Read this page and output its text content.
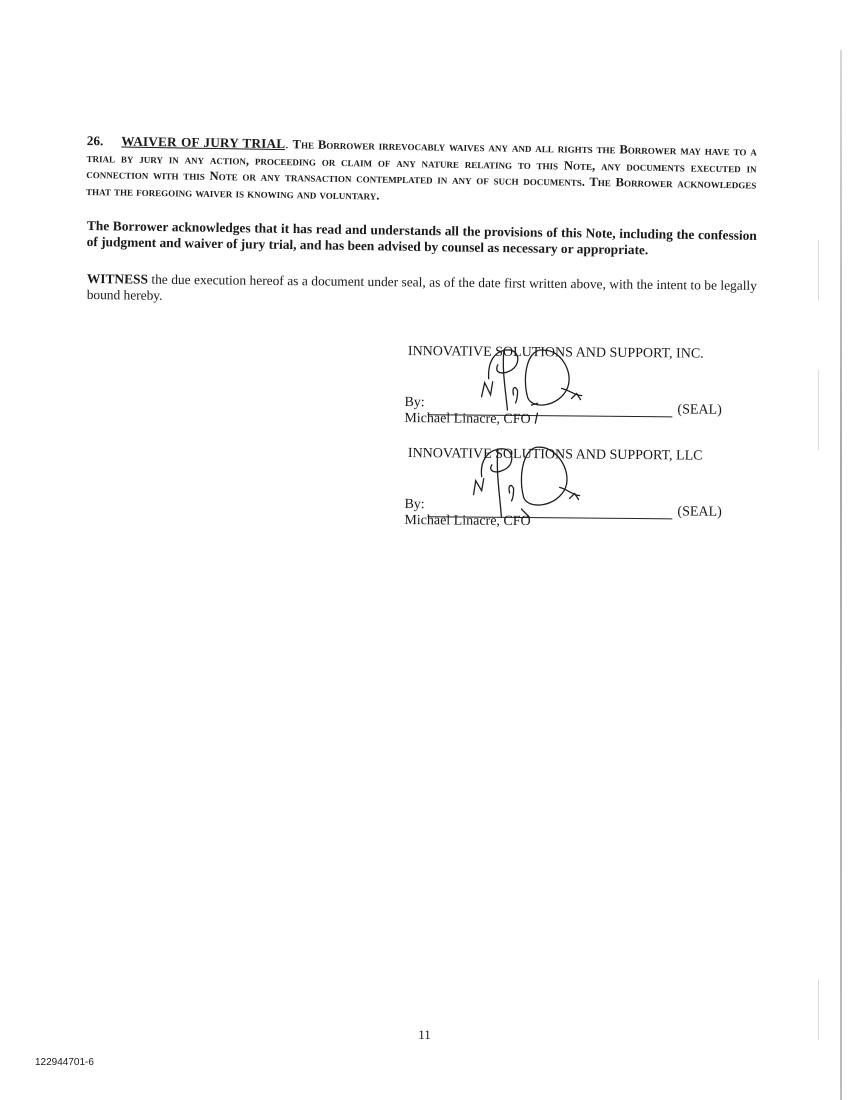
26. WAIVER OF JURY TRIAL. The Borrower irrevocably waives any and all rights the Borrower may have to a trial by jury in any action, proceeding or claim of any nature relating to this Note, any documents executed in connection with this Note or any transaction contemplated in any of such documents. The Borrower acknowledges that the foregoing waiver is knowing and voluntary.
The Borrower acknowledges that it has read and understands all the provisions of this Note, including the confession of judgment and waiver of jury trial, and has been advised by counsel as necessary or appropriate.
WITNESS the due execution hereof as a document under seal, as of the date first written above, with the intent to be legally bound hereby.
INNOVATIVE SOLUTIONS AND SUPPORT, INC.
By:	(SEAL)
Michael Linacre, CFO
INNOVATIVE SOLUTIONS AND SUPPORT, LLC
By:	(SEAL)
Michael Linacre, CFO
11
122944701-6
